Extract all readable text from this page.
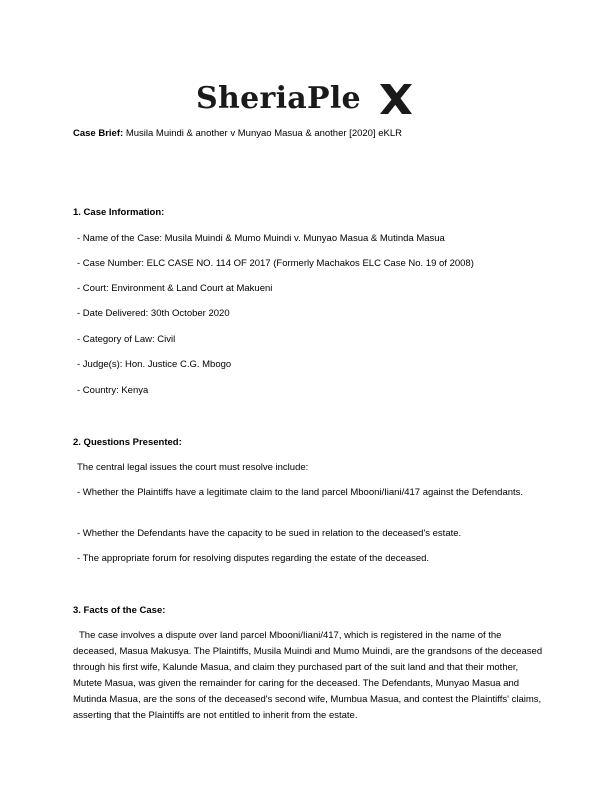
SheriaPle
Case Brief: Musila Muindi & another v Munyao Masua & another [2020] eKLR
1. Case Information:
- Name of the Case: Musila Muindi & Mumo Muindi v. Munyao Masua & Mutinda Masua
- Case Number: ELC CASE NO. 114 OF 2017 (Formerly Machakos ELC Case No. 19 of 2008)
- Court: Environment & Land Court at Makueni
- Date Delivered: 30th October 2020
- Category of Law: Civil
- Judge(s): Hon. Justice C.G. Mbogo
- Country: Kenya
2. Questions Presented:
The central legal issues the court must resolve include:
- Whether the Plaintiffs have a legitimate claim to the land parcel Mbooni/Iiani/417 against the Defendants.
- Whether the Defendants have the capacity to be sued in relation to the deceased's estate.
- The appropriate forum for resolving disputes regarding the estate of the deceased.
3. Facts of the Case:
The case involves a dispute over land parcel Mbooni/Iiani/417, which is registered in the name of the deceased, Masua Makusya. The Plaintiffs, Musila Muindi and Mumo Muindi, are the grandsons of the deceased through his first wife, Kalunde Masua, and claim they purchased part of the suit land and that their mother, Mutete Masua, was given the remainder for caring for the deceased. The Defendants, Munyao Masua and Mutinda Masua, are the sons of the deceased's second wife, Mumbua Masua, and contest the Plaintiffs' claims, asserting that the Plaintiffs are not entitled to inherit from the estate.
